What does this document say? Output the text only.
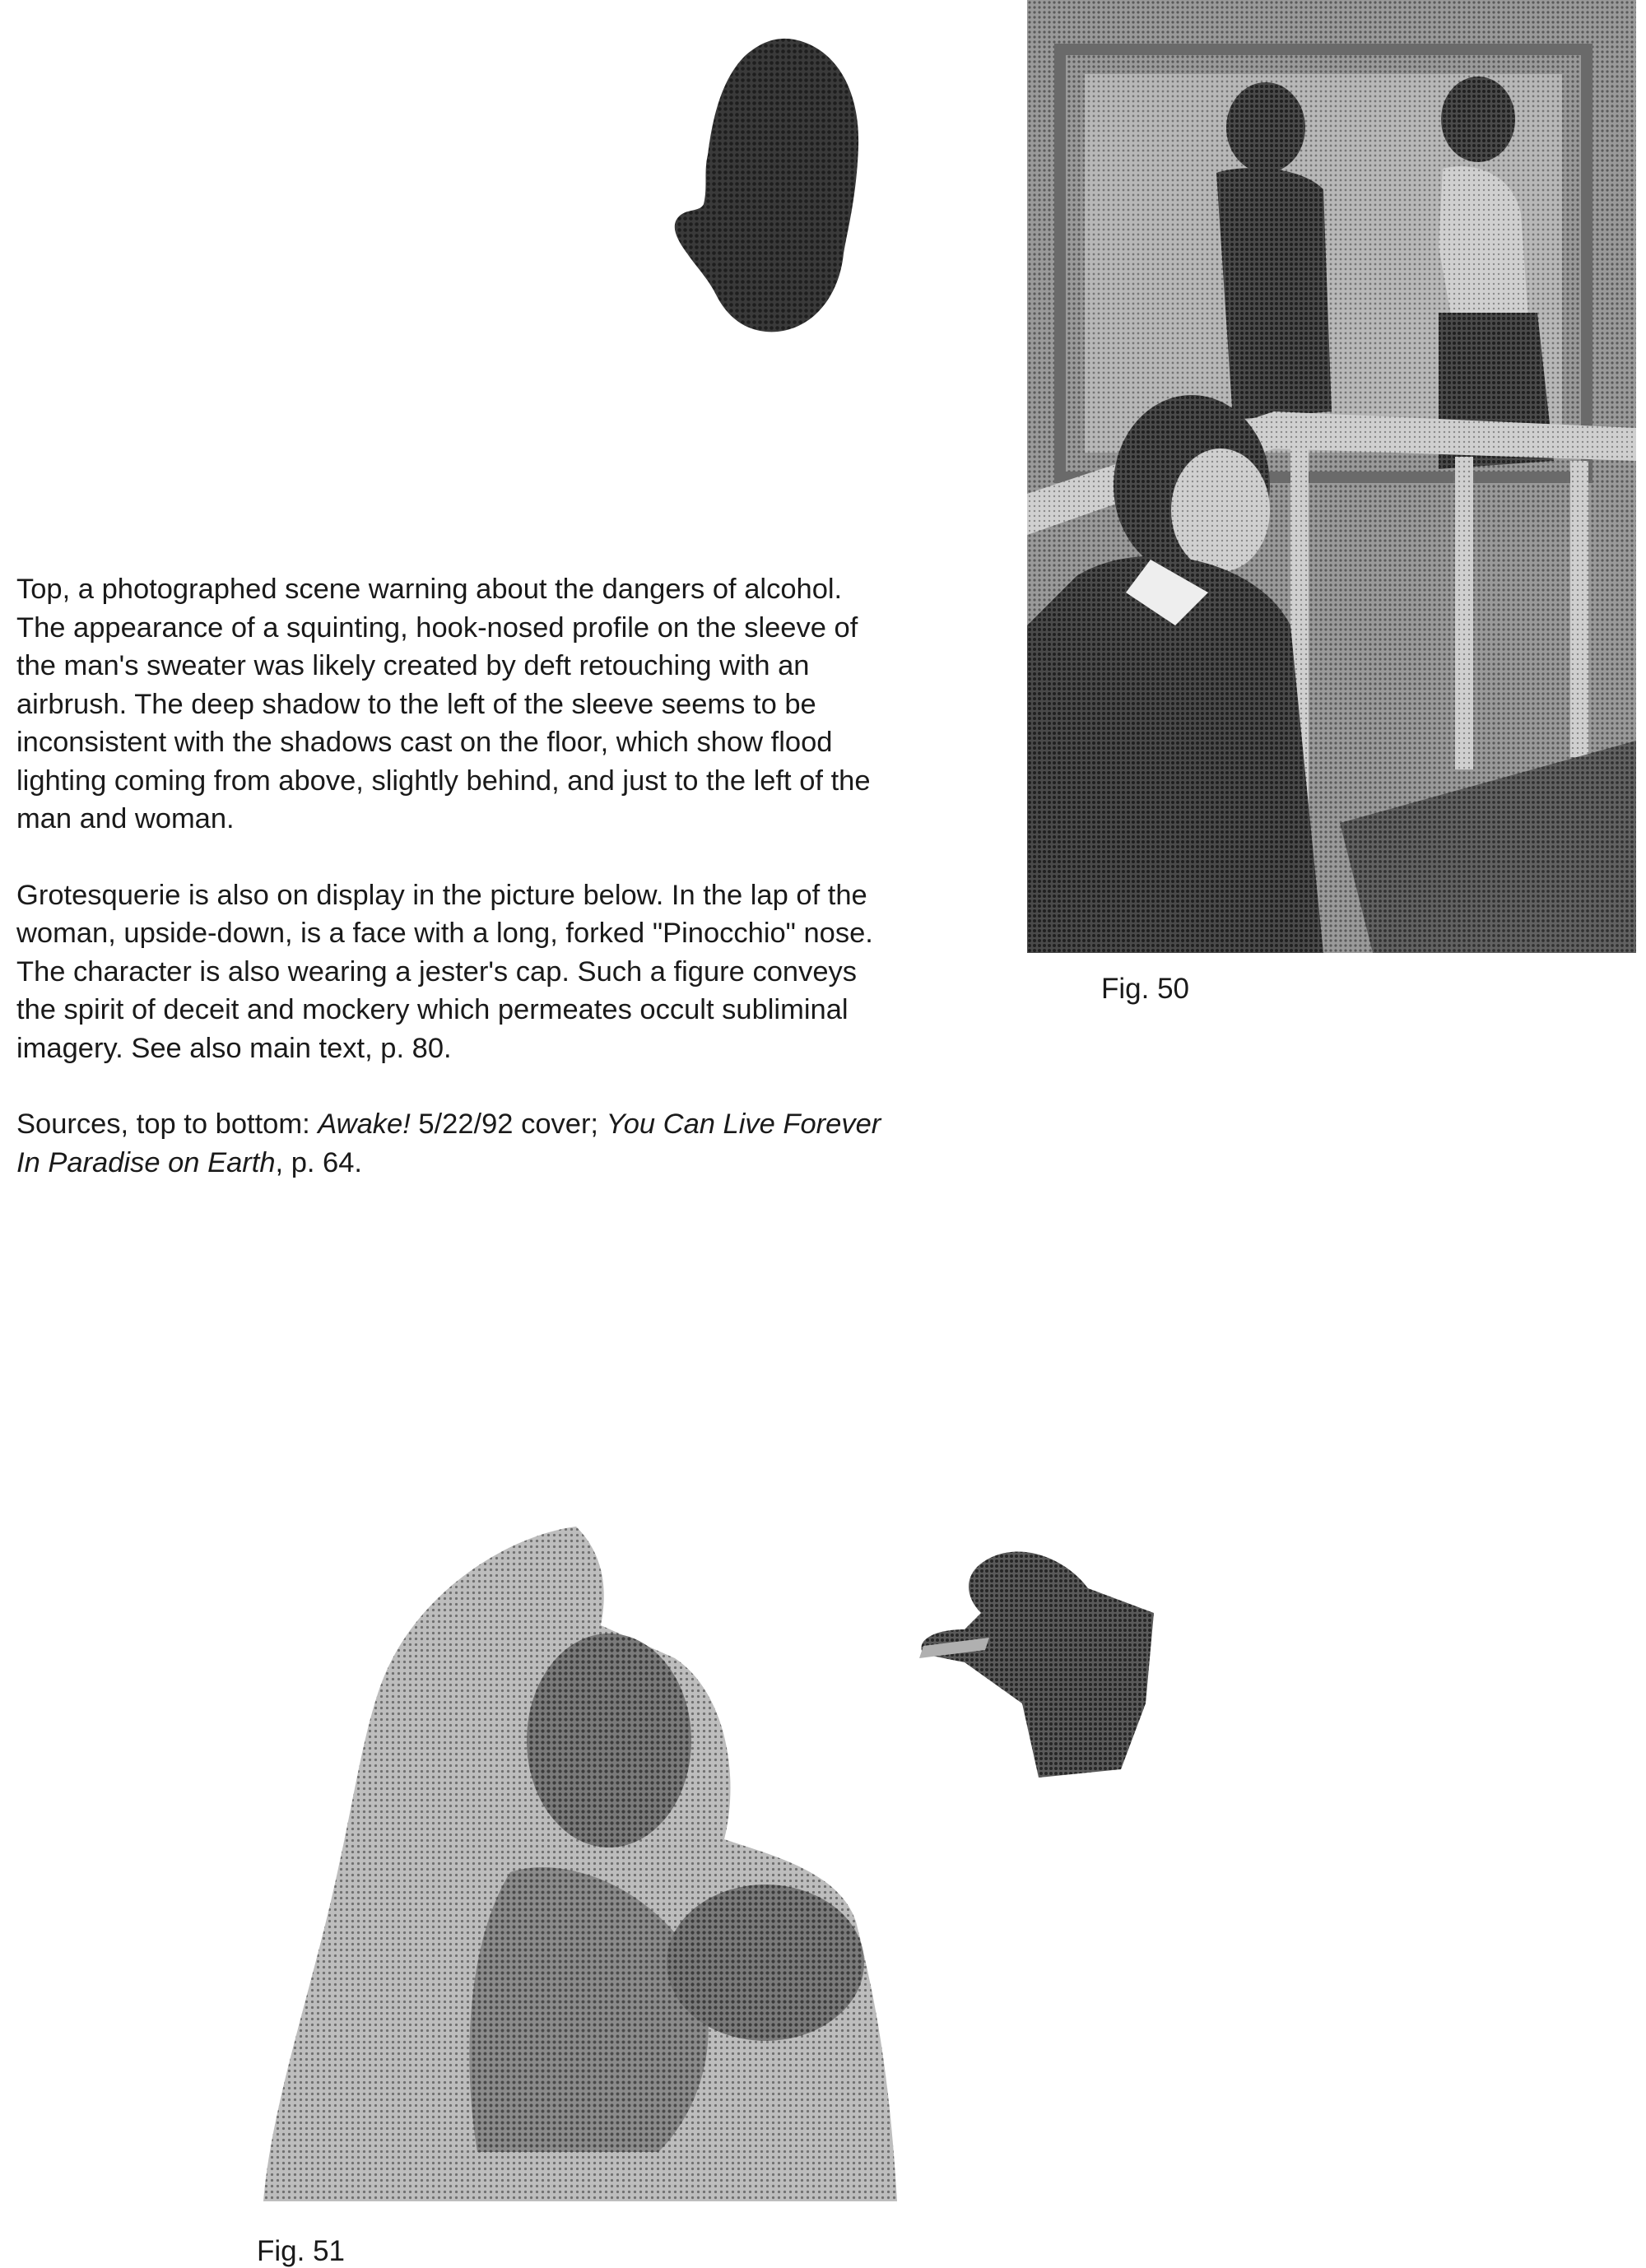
Fig. 50

Top, a photographed scene warning about the dangers of alcohol. The appearance of a squinting, hook-nosed profile on the sleeve of the man's sweater was likely created by deft retouching with an airbrush. The deep shadow to the left of the sleeve seems to be inconsistent with the shadows cast on the floor, which show flood lighting coming from above, slightly behind, and just to the left of the man and woman.

Grotesquerie is also on display in the picture below. In the lap of the woman, upside-down, is a face with a long, forked "Pinocchio" nose. The character is also wearing a jester's cap. Such a figure conveys the spirit of deceit and mockery which permeates occult subliminal imagery. See also main text, p. 80.

Sources, top to bottom: Awake! 5/22/92 cover; You Can Live Forever In Paradise on Earth, p. 64.

Fig. 51
